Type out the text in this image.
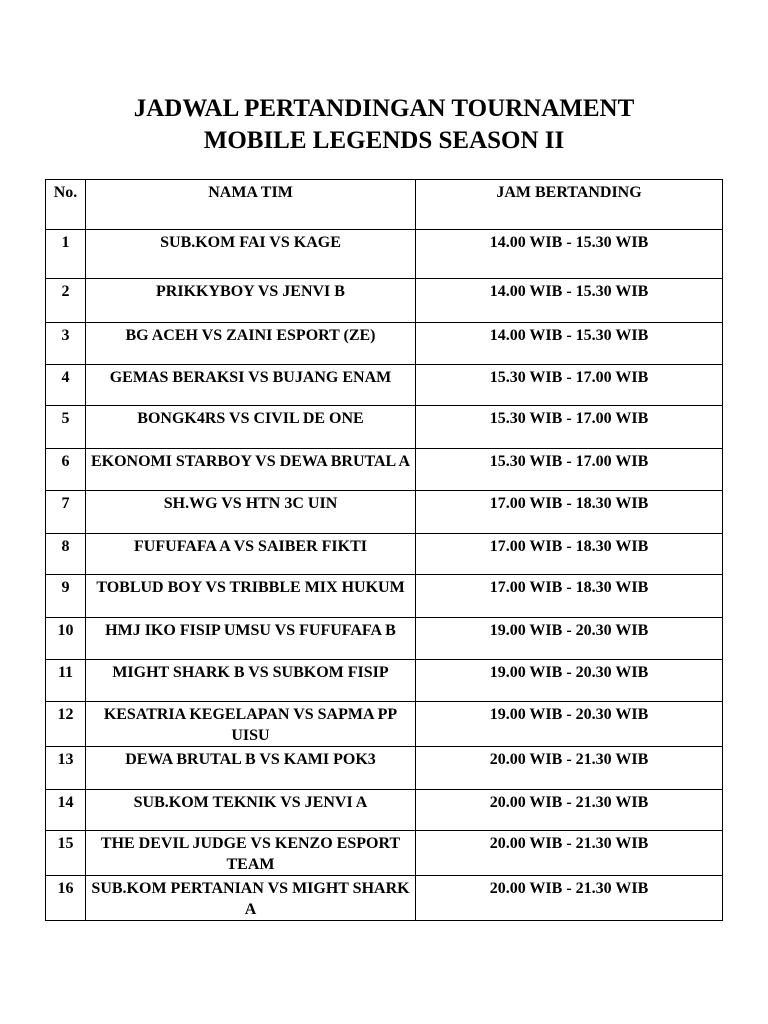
JADWAL PERTANDINGAN TOURNAMENT
MOBILE LEGENDS SEASON II
No.	NAMA TIM	JAM BERTANDING
1	SUB.KOM FAI VS KAGE	14.00 WIB - 15.30 WIB
2	PRIKKYBOY VS JENVI B	14.00 WIB - 15.30 WIB
3	BG ACEH VS ZAINI ESPORT (ZE)	14.00 WIB - 15.30 WIB
4	GEMAS BERAKSI VS BUJANG ENAM	15.30 WIB - 17.00 WIB
5	BONGK4RS VS CIVIL DE ONE	15.30 WIB - 17.00 WIB
6	EKONOMI STARBOY VS DEWA BRUTAL A	15.30 WIB - 17.00 WIB
7	SH.WG VS HTN 3C UIN	17.00 WIB - 18.30 WIB
8	FUFUFAFA A VS SAIBER FIKTI	17.00 WIB - 18.30 WIB
9	TOBLUD BOY VS TRIBBLE MIX HUKUM	17.00 WIB - 18.30 WIB
10	HMJ IKO FISIP UMSU VS FUFUFAFA B	19.00 WIB - 20.30 WIB
11	MIGHT SHARK B VS SUBKOM FISIP	19.00 WIB - 20.30 WIB
12	KESATRIA KEGELAPAN VS SAPMA PP UISU	19.00 WIB - 20.30 WIB
13	DEWA BRUTAL B VS KAMI POK3	20.00 WIB - 21.30 WIB
14	SUB.KOM TEKNIK VS JENVI A	20.00 WIB - 21.30 WIB
15	THE DEVIL JUDGE VS KENZO ESPORT TEAM	20.00 WIB - 21.30 WIB
16	SUB.KOM PERTANIAN VS MIGHT SHARK A	20.00 WIB - 21.30 WIB
